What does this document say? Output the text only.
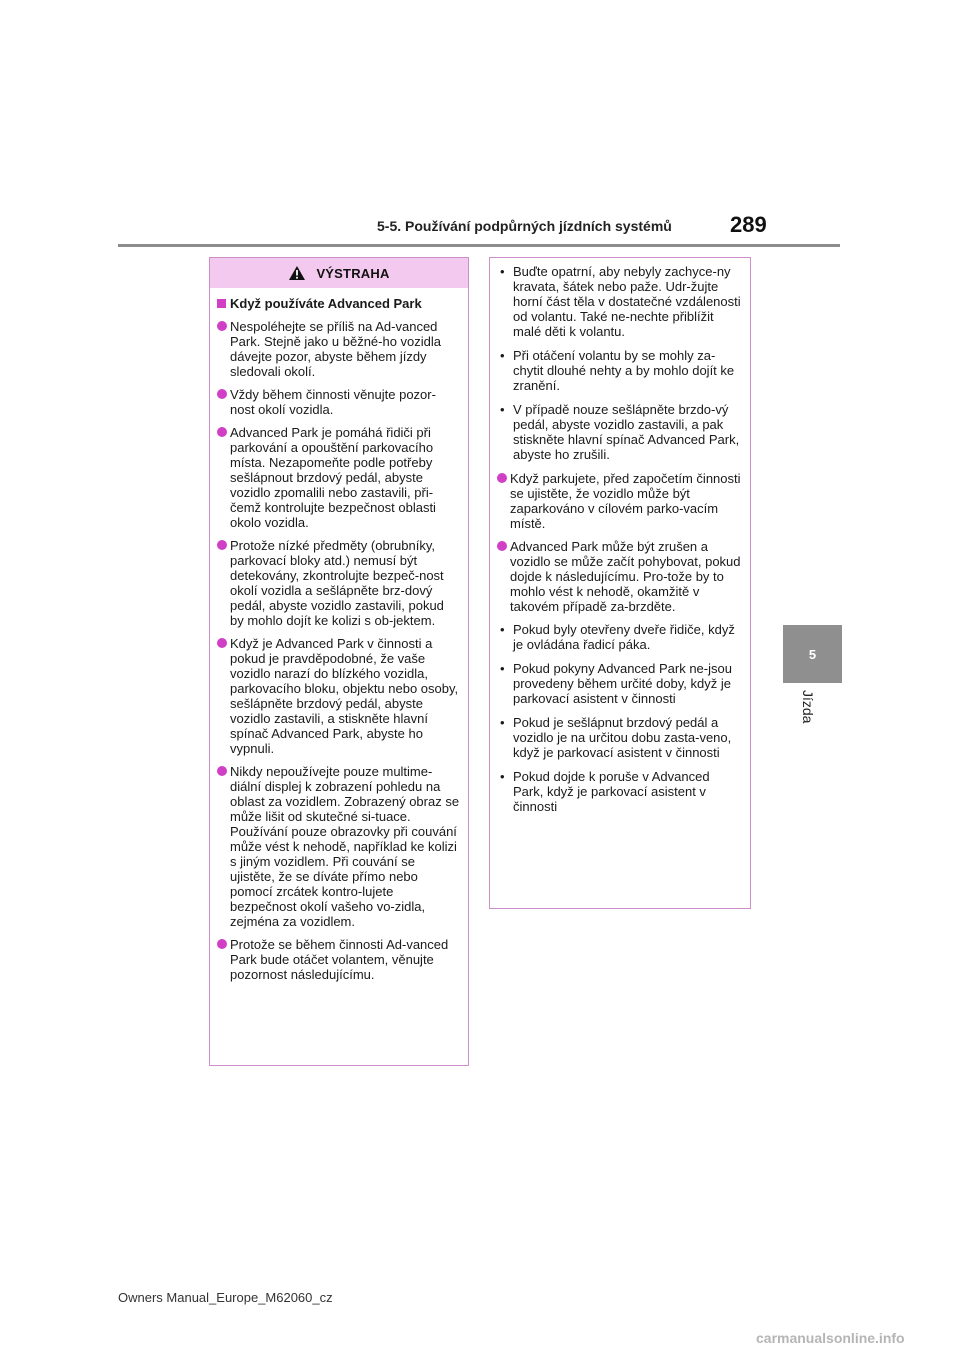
5-5. Používání podpůrných jízdních systémů	289
5
Jízda
VÝSTRAHA
Když používáte Advanced Park
Nespoléhejte se příliš na Ad-vanced Park. Stejně jako u běžné-ho vozidla dávejte pozor, abyste během jízdy sledovali okolí.
Vždy během činnosti věnujte pozor-nost okolí vozidla.
Advanced Park je pomáhá řidiči při parkování a opouštění parkovacího místa. Nezapomeňte podle potřeby sešlápnout brzdový pedál, abyste vozidlo zpomalili nebo zastavili, při-čemž kontrolujte bezpečnost oblasti okolo vozidla.
Protože nízké předměty (obrubníky, parkovací bloky atd.) nemusí být detekovány, zkontrolujte bezpeč-nost okolí vozidla a sešlápněte brz-dový pedál, abyste vozidlo zastavili, pokud by mohlo dojít ke kolizi s ob-jektem.
Když je Advanced Park v činnosti a pokud je pravděpodobné, že vaše vozidlo narazí do blízkého vozidla, parkovacího bloku, objektu nebo osoby, sešlápněte brzdový pedál, abyste vozidlo zastavili, a stiskněte hlavní spínač Advanced Park, abyste ho vypnuli.
Nikdy nepoužívejte pouze multime-diální displej k zobrazení pohledu na oblast za vozidlem. Zobrazený obraz se může lišit od skutečné si-tuace. Používání pouze obrazovky při couvání může vést k nehodě, například ke kolizi s jiným vozidlem. Při couvání se ujistěte, že se díváte přímo nebo pomocí zrcátek kontro-lujete bezpečnost okolí vašeho vo-zidla, zejména za vozidlem.
Protože se během činnosti Ad-vanced Park bude otáčet volantem, věnujte pozornost následujícímu.
• Buďte opatrní, aby nebyly zachyce-ny kravata, šátek nebo paže. Udr-žujte horní část těla v dostatečné vzdálenosti od volantu. Také ne-nechte přiblížit malé děti k volantu.
• Při otáčení volantu by se mohly za-chytit dlouhé nehty a by mohlo dojít ke zranění.
• V případě nouze sešlápněte brzdo-vý pedál, abyste vozidlo zastavili, a pak stiskněte hlavní spínač Advanced Park, abyste ho zrušili.
Když parkujete, před započetím činnosti se ujistěte, že vozidlo může být zaparkováno v cílovém parko-vacím místě.
Advanced Park může být zrušen a vozidlo se může začít pohybovat, pokud dojde k následujícímu. Pro-tože by to mohlo vést k nehodě, okamžitě v takovém případě za-brzděte.
• Pokud byly otevřeny dveře řidiče, když je ovládána řadicí páka.
• Pokud pokyny Advanced Park ne-jsou provedeny během určité doby, když je parkovací asistent v činnosti
• Pokud je sešlápnut brzdový pedál a vozidlo je na určitou dobu zasta-veno, když je parkovací asistent v činnosti
• Pokud dojde k poruše v Advanced Park, když je parkovací asistent v činnosti
Owners Manual_Europe_M62060_cz
carmanualsonline.info
